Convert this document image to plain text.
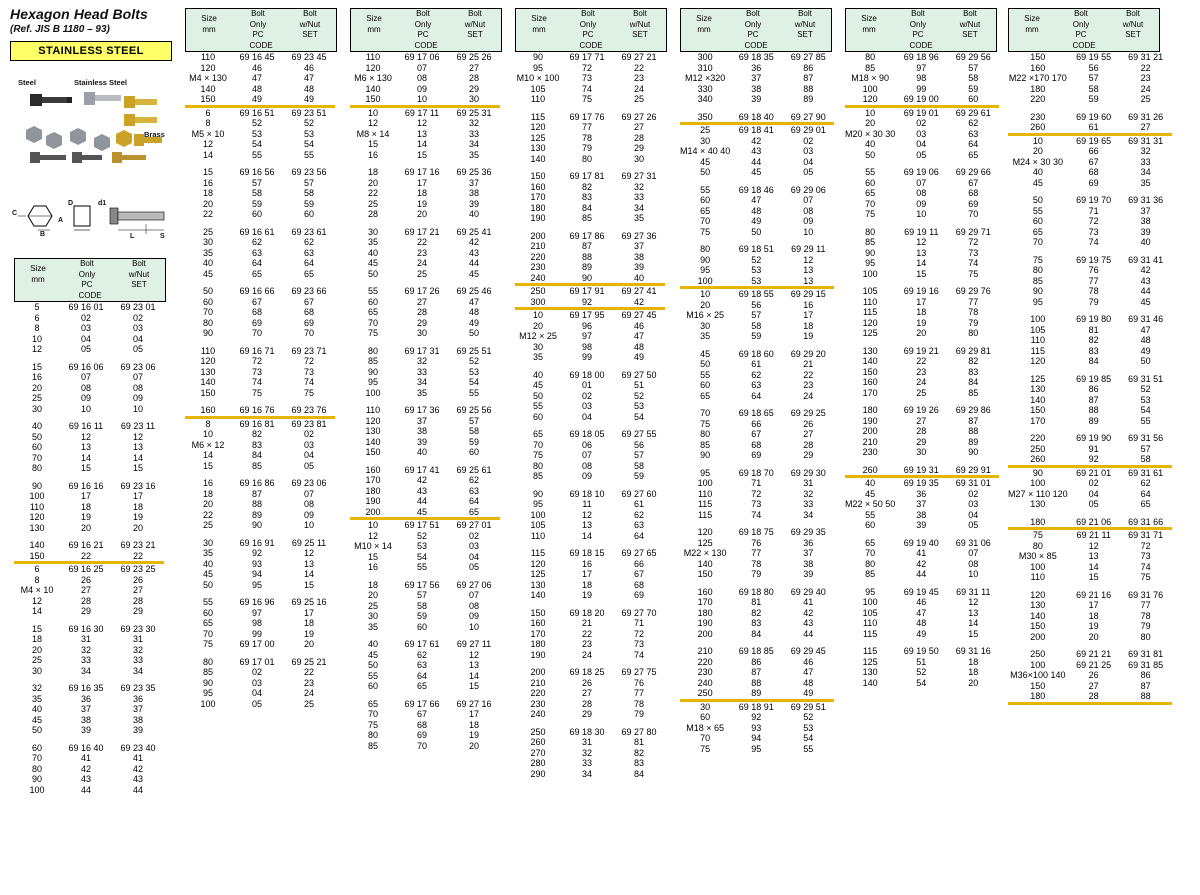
Hexagon Head Bolts
(Ref. JIS B 1180 – 93)
STAINLESS STEEL
Steel	Stainless Steel
Brass
C
B
A
D	d1
L	S
Size
mm	Bolt
Only	Bolt
w/Nut
	PC	SET
CODE		
5	69 16 01	69 23 01
6	02	02
8	03	03
10	04	04
12	05	05

15	69 16 06	69 23 06
16	07	07
20	08	08
25	09	09
30	10	10

40	69 16 11	69 23 11
50	12	12
60	13	13
70	14	14
80	15	15

90	69 16 16	69 23 16
100	17	17
110	18	18
120	19	19
130	20	20

140	69 16 21	69 23 21
150	22	22

6	69 16 25	69 23 25
8	26	26
M4 × 10	27	27
12	28	28
14	29	29

15	69 16 30	69 23 30
18	31	31
20	32	32
25	33	33
30	34	34

32	69 16 35	69 23 35
35	36	36
40	37	37
45	38	38
50	39	39

60	69 16 40	69 23 40
70	41	41
80	42	42
90	43	43
100	44	44
Size
mm	Bolt
Only	Bolt
w/Nut
	PC	SET
CODE		
110	69 16 45	69 23 45
120	46	46
M4 × 130	47	47
140	48	48
150	49	49

6	69 16 51	69 23 51
8	52	52
M5 × 10	53	53
12	54	54
14	55	55

15	69 16 56	69 23 56
16	57	57
18	58	58
20	59	59
22	60	60

25	69 16 61	69 23 61
30	62	62
35	63	63
40	64	64
45	65	65

50	69 16 66	69 23 66
60	67	67
70	68	68
80	69	69
90	70	70

110	69 16 71	69 23 71
120	72	72
130	73	73
140	74	74
150	75	75

160	69 16 76	69 23 76

8	69 16 81	69 23 81
10	82	02
M6 × 12	83	03
14	84	04
15	85	05

16	69 16 86	69 23 06
18	87	07
20	88	08
22	89	09
25	90	10

30	69 16 91	69 25 11
35	92	12
40	93	13
45	94	14
50	95	15

55	69 16 96	69 25 16
60	97	17
65	98	18
70	99	19
75	69 17 00	20

80	69 17 01	69 25 21
85	02	22
90	03	23
95	04	24
100	05	25
Size
mm	Bolt
Only	Bolt
w/Nut
	PC	SET
CODE		
110	69 17 06	69 25 26
120	07	27
M6 × 130	08	28
140	09	29
150	10	30

10	69 17 11	69 25 31
12	12	32
M8 × 14	13	33
15	14	34
16	15	35

18	69 17 16	69 25 36
20	17	37
22	18	38
25	19	39
28	20	40

30	69 17 21	69 25 41
35	22	42
40	23	43
45	24	44
50	25	45

55	69 17 26	69 25 46
60	27	47
65	28	48
70	29	49
75	30	50

80	69 17 31	69 25 51
85	32	52
90	33	53
95	34	54
100	35	55

110	69 17 36	69 25 56
120	37	57
130	38	58
140	39	59
150	40	60

160	69 17 41	69 25 61
170	42	62
180	43	63
190	44	64
200	45	65

10	69 17 51	69 27 01
12	52	02
M10 × 14	53	03
15	54	04
16	55	05

18	69 17 56	69 27 06
20	57	07
25	58	08
30	59	09
35	60	10

40	69 17 61	69 27 11
45	62	12
50	63	13
55	64	14
60	65	15

65	69 17 66	69 27 16
70	67	17
75	68	18
80	69	19
85	70	20
Size
mm	Bolt
Only	Bolt
w/Nut
	PC	SET
CODE		
90	69 17 71	69 27 21
95	72	22
M10 × 100	73	23
105	74	24
110	75	25

115	69 17 76	69 27 26
120	77	27
125	78	28
130	79	29
140	80	30

150	69 17 81	69 27 31
160	82	32
170	83	33
180	84	34
190	85	35

200	69 17 86	69 27 36
210	87	37
220	88	38
230	89	39
240	90	40

250	69 17 91	69 27 41
300	92	42

10	69 17 95	69 27 45
20	96	46
M12 × 25	97	47
30	98	48
35	99	49

40	69 18 00	69 27 50
45	01	51
50	02	52
55	03	53
60	04	54

65	69 18 05	69 27 55
70	06	56
75	07	57
80	08	58
85	09	59

90	69 18 10	69 27 60
95	11	61
100	12	62
105	13	63
110	14	64

115	69 18 15	69 27 65
120	16	66
125	17	67
130	18	68
140	19	69

150	69 18 20	69 27 70
160	21	71
170	22	72
180	23	73
190	24	74

200	69 18 25	69 27 75
210	26	76
220	27	77
230	28	78
240	29	79

250	69 18 30	69 27 80
260	31	81
270	32	82
280	33	83
290	34	84
Size
mm	Bolt
Only	Bolt
w/Nut
	PC	SET
CODE		
300	69 18 35	69 27 85
310	36	86
M12 ×320	37	87
330	38	88
340	39	89

350	69 18 40	69 27 90

25	69 18 41	69 29 01
30	42	02
M14 × 40 40	43	03
45	44	04
50	45	05

55	69 18 46	69 29 06
60	47	07
65	48	08
70	49	09
75	50	10

80	69 18 51	69 29 11
90	52	12
95	53	13
100	53	13

10	69 18 55	69 29 15
20	56	16
M16 × 25	57	17
30	58	18
35	59	19

45	69 18 60	69 29 20
50	61	21
55	62	22
60	63	23
65	64	24

70	69 18 65	69 29 25
75	66	26
80	67	27
85	68	28
90	69	29

95	69 18 70	69 29 30
100	71	31
110	72	32
115	73	33
115	74	34

120	69 18 75	69 29 35
125	76	36
M22 × 130	77	37
140	78	38
150	79	39

160	69 18 80	69 29 40
170	81	41
180	82	42
190	83	43
200	84	44

210	69 18 85	69 29 45
220	86	46
230	87	47
240	88	48
250	89	49

30	69 18 91	69 29 51
60	92	52
M18 × 65	93	53
70	94	54
75	95	55
Size
mm	Bolt
Only	Bolt
w/Nut
	PC	SET
CODE		
80	69 18 96	69 29 56
85	97	57
M18 × 90	98	58
100	99	59
120	69 19 00	60

10	69 19 01	69 29 61
20	02	62
M20 × 30 30	03	63
40	04	64
50	05	65

55	69 19 06	69 29 66
60	07	67
65	08	68
70	09	69
75	10	70

80	69 19 11	69 29 71
85	12	72
90	13	73
95	14	74
100	15	75

105	69 19 16	69 29 76
110	17	77
115	18	78
120	19	79
125	20	80

130	69 19 21	69 29 81
140	22	82
150	23	83
160	24	84
170	25	85

180	69 19 26	69 29 86
190	27	87
200	28	88
210	29	89
230	30	90

260	69 19 31	69 29 91

40	69 19 35	69 31 01
45	36	02
M22 × 50 50	37	03
55	38	04
60	39	05

65	69 19 40	69 31 06
70	41	07
80	42	08
85	44	10

95	69 19 45	69 31 11
100	46	12
105	47	13
110	48	14
115	49	15

115	69 19 50	69 31 16
125	51	18
130	52	18
140	54	20
Size
mm	Bolt
Only	Bolt
w/Nut
	PC	SET
CODE		
150	69 19 55	69 31 21
160	56	22
M22 ×170 170	57	23
180	58	24
220	59	25

230	69 19 60	69 31 26
260	61	27

10	69 19 65	69 31 31
20	66	32
M24 × 30 30	67	33
40	68	34
45	69	35

50	69 19 70	69 31 36
55	71	37
60	72	38
65	73	39
70	74	40

75	69 19 75	69 31 41
80	76	42
85	77	43
90	78	44
95	79	45

100	69 19 80	69 31 46
105	81	47
110	82	48
115	83	49
120	84	50

125	69 19 85	69 31 51
130	86	52
140	87	53
150	88	54
170	89	55

220	69 19 90	69 31 56
250	91	57
260	92	58

90	69 21 01	69 31 61
100	02	62
M27 × 110 120	04	64
130	05	65

180	69 21 06	69 31 66

75	69 21 11	69 31 71
80	12	72
M30 × 85	13	73
100	14	74
110	15	75

120	69 21 16	69 31 76
130	17	77
140	18	78
150	19	79
200	20	80

250	69 21 21	69 31 81
100	69 21 25	69 31 85
M36×100 140	26	86
150	27	87
180	28	88
